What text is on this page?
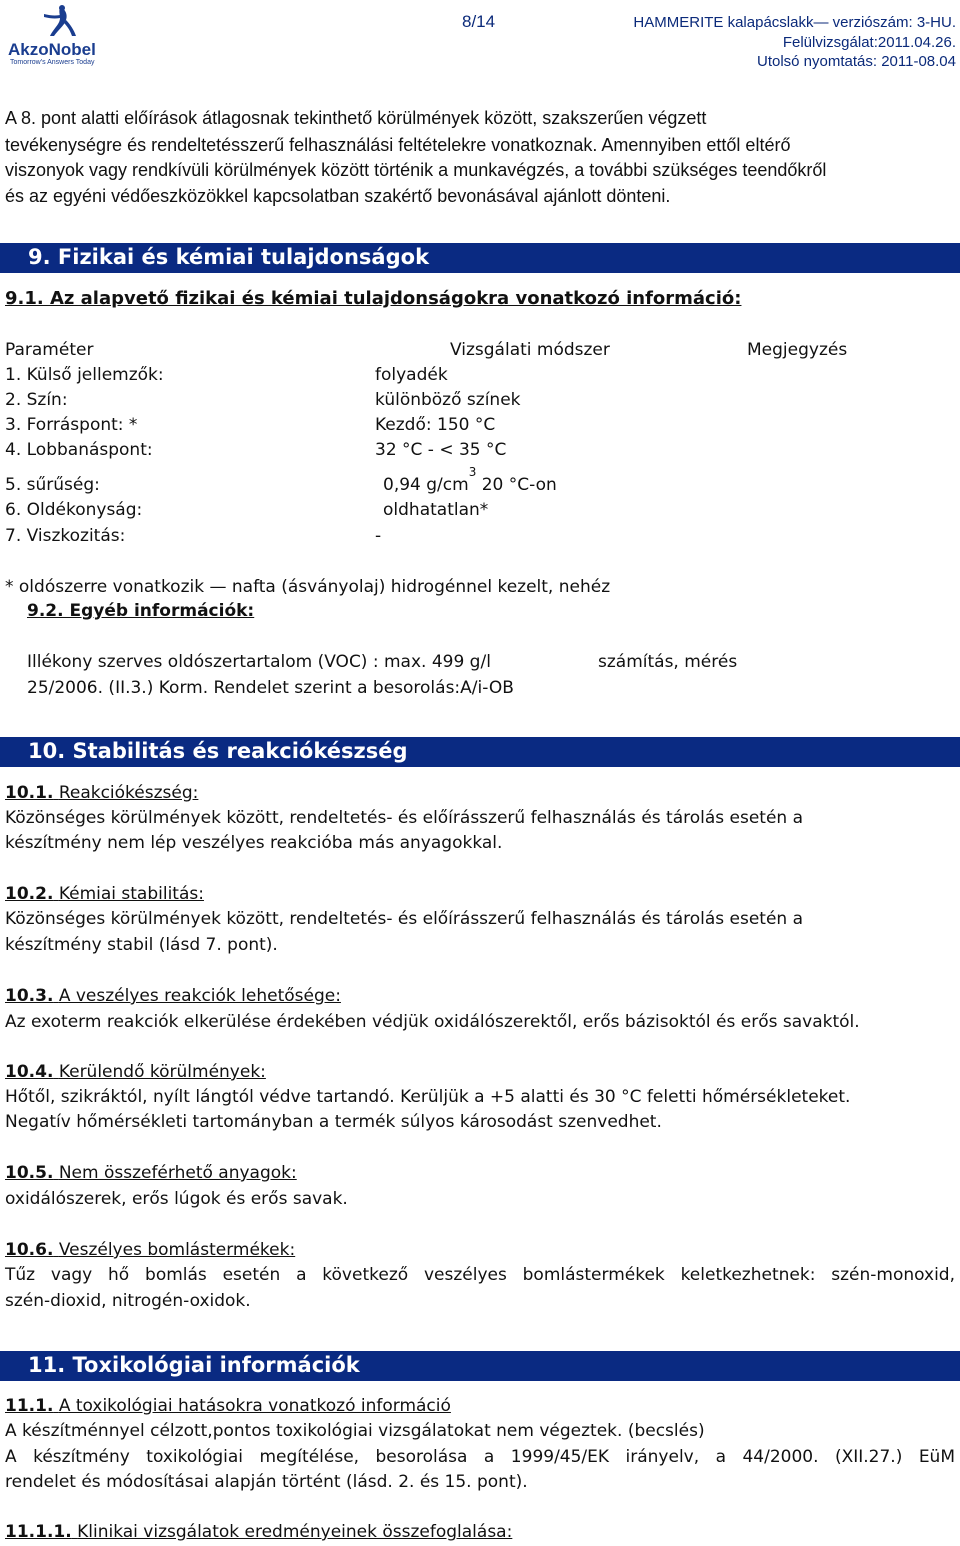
AkzoNobel
Tomorrow's Answers Today
8/14	HAMMERITE kalapácslakk— verziószám: 3-HU.
Felülvizsgálat:2011.04.26.
Utolsó nyomtatás: 2011-08.04
A 8. pont alatti előírások átlagosnak tekinthető körülmények között, szakszerűen végzett
tevékenységre és rendeltetésszerű felhasználási feltételekre vonatkoznak. Amennyiben ettől eltérő
viszonyok vagy rendkívüli körülmények között történik a munkavégzés, a további szükséges teendőkről
és az egyéni védőeszközökkel kapcsolatban szakértő bevonásával ajánlott dönteni.
9. Fizikai és kémiai tulajdonságok
9.1. Az alapvető fizikai és kémiai tulajdonságokra vonatkozó információ:
Paraméter	Vizsgálati módszer	Megjegyzés
1. Külső jellemzők:	folyadék
2. Szín:	különböző színek
3. Forráspont: *	Kezdő: 150 °C
4. Lobbanáspont:	32 °C - < 35 °C
5. sűrűség:	0,94 $g/cm^3$ 20 °C-on
6. Oldékonyság:	oldhatatlan*
7. Viszkozitás:	-
* oldószerre vonatkozik — nafta (ásványolaj) hidrogénnel kezelt, nehéz
9.2. Egyéb információk:
Illékony szerves oldószertartalom (VOC) : max. 499 g/l	számítás, mérés
25/2006. (II.3.) Korm. Rendelet szerint a besorolás:A/i-OB
10. Stabilitás és reakciókészség
10.1. Reakciókészség:
Közönséges körülmények között, rendeltetés- és előírásszerű felhasználás és tárolás esetén a
készítmény nem lép veszélyes reakcióba más anyagokkal.
10.2. Kémiai stabilitás:
Közönséges körülmények között, rendeltetés- és előírásszerű felhasználás és tárolás esetén a
készítmény stabil (lásd 7. pont).
10.3. A veszélyes reakciók lehetősége:
Az exoterm reakciók elkerülése érdekében védjük oxidálószerektől, erős bázisoktól és erős savaktól.
10.4. Kerülendő körülmények:
Hőtől, szikráktól, nyílt lángtól védve tartandó. Kerüljük a +5 alatti és 30 °C feletti hőmérsékleteket.
Negatív hőmérsékleti tartományban a termék súlyos károsodást szenvedhet.
10.5. Nem összeférhető anyagok:
oxidálószerek, erős lúgok és erős savak.
10.6. Veszélyes bomlástermékek:
Tűz vagy hő bomlás esetén a következő veszélyes bomlástermékek keletkezhetnek: szén-monoxid,
szén-dioxid, nitrogén-oxidok.
11. Toxikológiai információk
11.1. A toxikológiai hatásokra vonatkozó információ
A készítménnyel célzott,pontos toxikológiai vizsgálatokat nem végeztek. (becslés)
A készítmény toxikológiai megítélése, besorolása a 1999/45/EK irányelv, a 44/2000. (XII.27.) EüM
rendelet és módosításai alapján történt (lásd. 2. és 15. pont).
11.1.1. Klinikai vizsgálatok eredményeinek összefoglalása:
